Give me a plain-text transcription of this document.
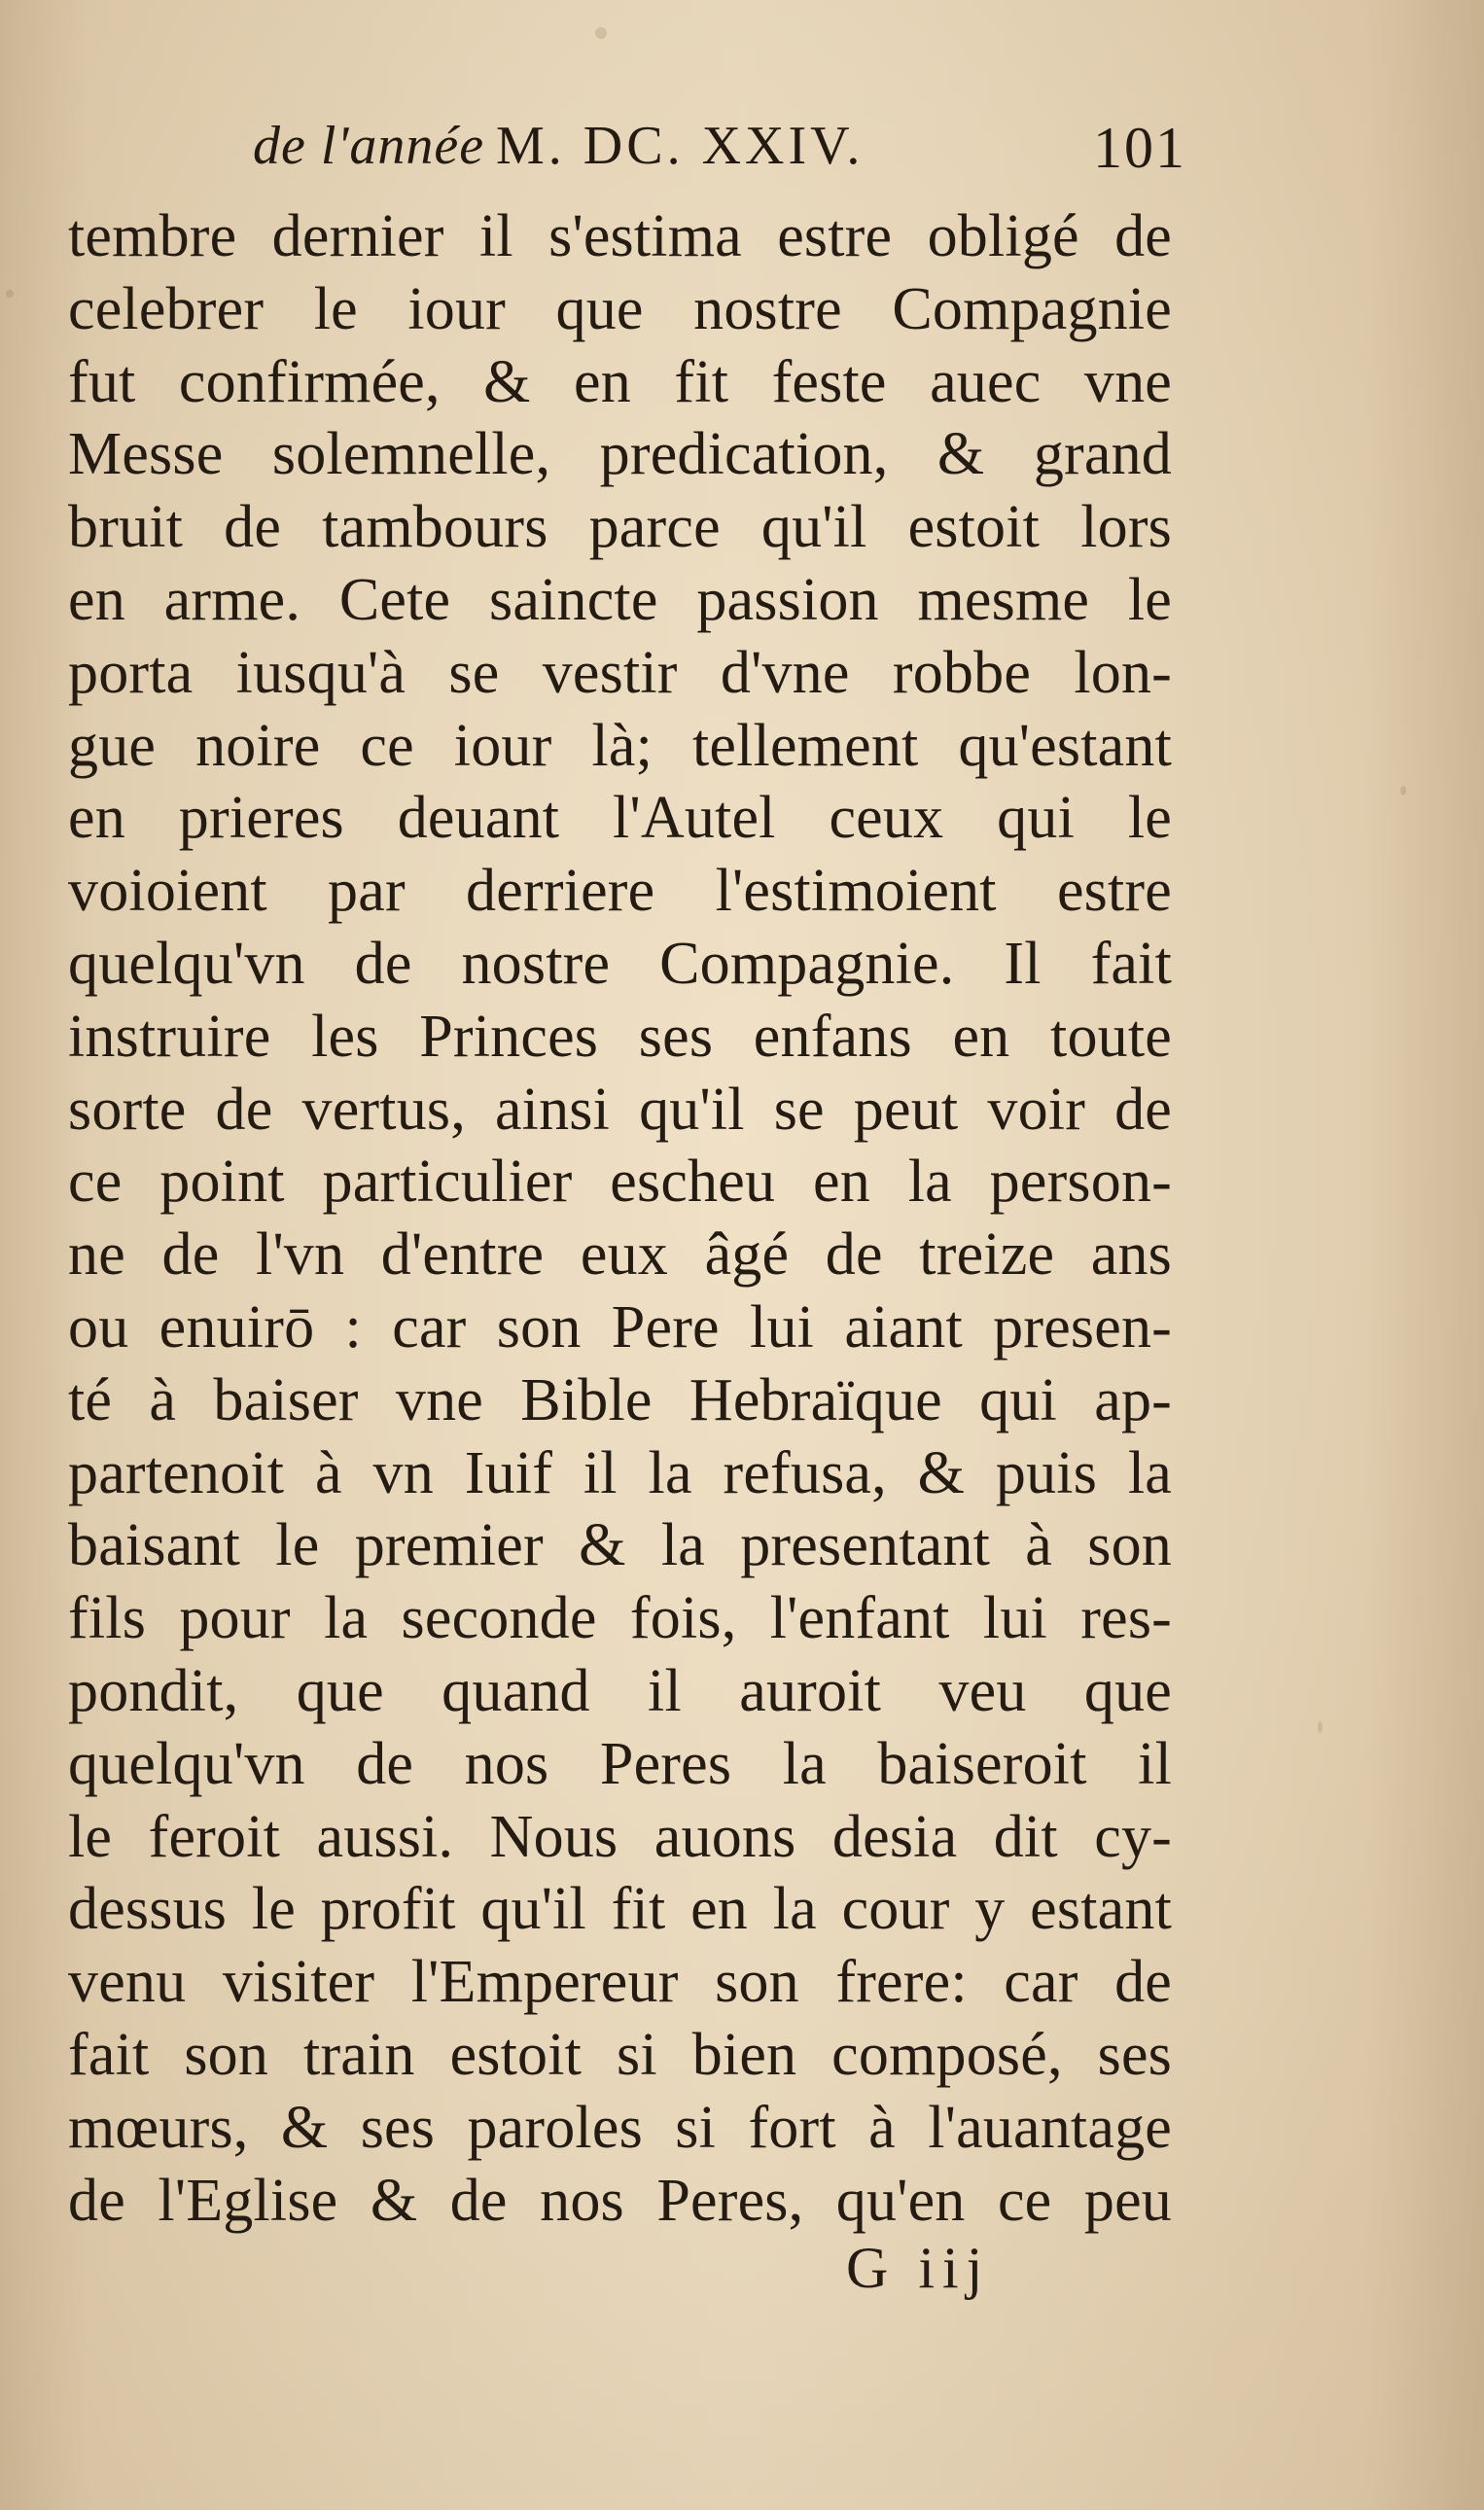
de l'année M. DC. XXIV.	101
tembre dernier il s'estima estre obligé de
celebrer le iour que nostre Compagnie
fut confirmée, & en fit feste auec vne
Messe solemnelle, predication, & grand
bruit de tambours parce qu'il estoit lors
en arme. Cete saincte passion mesme le
porta iusqu'à se vestir d'vne robbe lon-
gue noire ce iour là; tellement qu'estant
en prieres deuant l'Autel ceux qui le
voioient par derriere l'estimoient estre
quelqu'vn de nostre Compagnie. Il fait
instruire les Princes ses enfans en toute
sorte de vertus, ainsi qu'il se peut voir de
ce point particulier escheu en la person-
ne de l'vn d'entre eux âgé de treize ans
ou enuirō : car son Pere lui aiant presen-
té à baiser vne Bible Hebraïque qui ap-
partenoit à vn Iuif il la refusa, & puis la
baisant le premier & la presentant à son
fils pour la seconde fois, l'enfant lui res-
pondit, que quand il auroit veu que
quelqu'vn de nos Peres la baiseroit il
le feroit aussi. Nous auons desia dit cy-
dessus le profit qu'il fit en la cour y estant
venu visiter l'Empereur son frere: car de
fait son train estoit si bien composé, ses
mœurs, & ses paroles si fort à l'auantage
de l'Eglise & de nos Peres, qu'en ce peu
G iij
